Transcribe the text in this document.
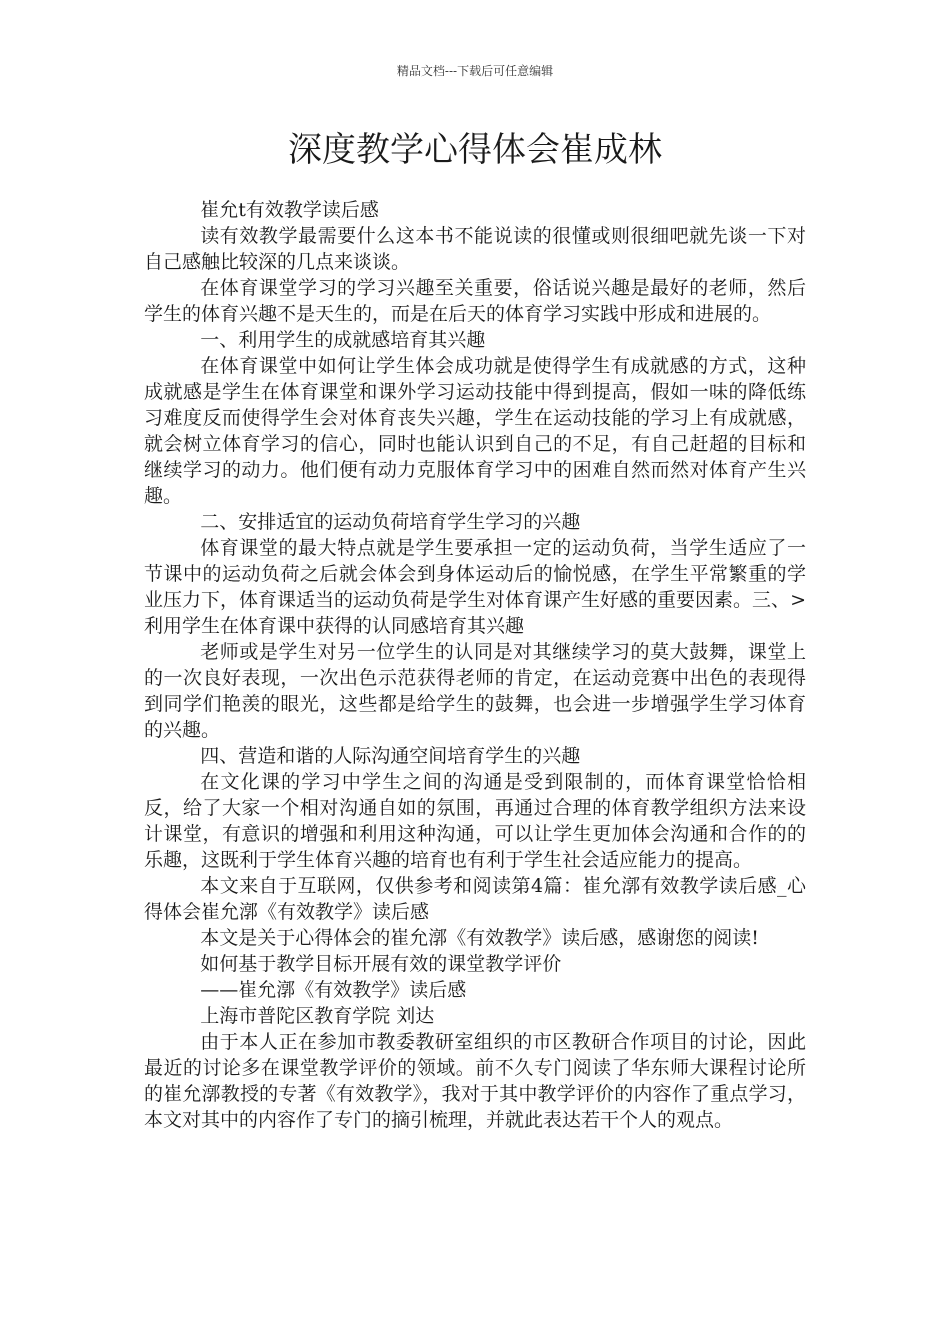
精品文档---下载后可任意编辑
深度教学心得体会崔成林

崔允t有效教学读后感

读有效教学最需要什么这本书不能说读的很懂或则很细吧就先谈一下对自己感触比较深的几点来谈谈。

在体育课堂学习的学习兴趣至关重要，俗话说兴趣是最好的老师，然后学生的体育兴趣不是天生的，而是在后天的体育学习实践中形成和进展的。

一、利用学生的成就感培育其兴趣

在体育课堂中如何让学生体会成功就是使得学生有成就感的方式，这种成就感是学生在体育课堂和课外学习运动技能中得到提高，假如一味的降低练习难度反而使得学生会对体育丧失兴趣，学生在运动技能的学习上有成就感，就会树立体育学习的信心，同时也能认识到自己的不足，有自己赶超的目标和继续学习的动力。他们便有动力克服体育学习中的困难自然而然对体育产生兴趣。

二、安排适宜的运动负荷培育学生学习的兴趣

体育课堂的最大特点就是学生要承担一定的运动负荷，当学生适应了一节课中的运动负荷之后就会体会到身体运动后的愉悦感，在学生平常繁重的学业压力下，体育课适当的运动负荷是学生对体育课产生好感的重要因素。三、>利用学生在体育课中获得的认同感培育其兴趣

老师或是学生对另一位学生的认同是对其继续学习的莫大鼓舞，课堂上的一次良好表现，一次出色示范获得老师的肯定，在运动竞赛中出色的表现得到同学们艳羡的眼光，这些都是给学生的鼓舞，也会进一步增强学生学习体育的兴趣。

四、营造和谐的人际沟通空间培育学生的兴趣

在文化课的学习中学生之间的沟通是受到限制的，而体育课堂恰恰相反，给了大家一个相对沟通自如的氛围，再通过合理的体育教学组织方法来设计课堂，有意识的增强和利用这种沟通，可以让学生更加体会沟通和合作的的乐趣，这既利于学生体育兴趣的培育也有利于学生社会适应能力的提高。

本文来自于互联网，仅供参考和阅读第4篇：崔允漷有效教学读后感_心得体会崔允漷《有效教学》读后感

本文是关于心得体会的崔允漷《有效教学》读后感，感谢您的阅读!

如何基于教学目标开展有效的课堂教学评价

——崔允漷《有效教学》读后感

上海市普陀区教育学院 刘达

由于本人正在参加市教委教研室组织的市区教研合作项目的讨论，因此最近的讨论多在课堂教学评价的领域。前不久专门阅读了华东师大课程讨论所的崔允漷教授的专著《有效教学》，我对于其中教学评价的内容作了重点学习，本文对其中的内容作了专门的摘引梳理，并就此表达若干个人的观点。
